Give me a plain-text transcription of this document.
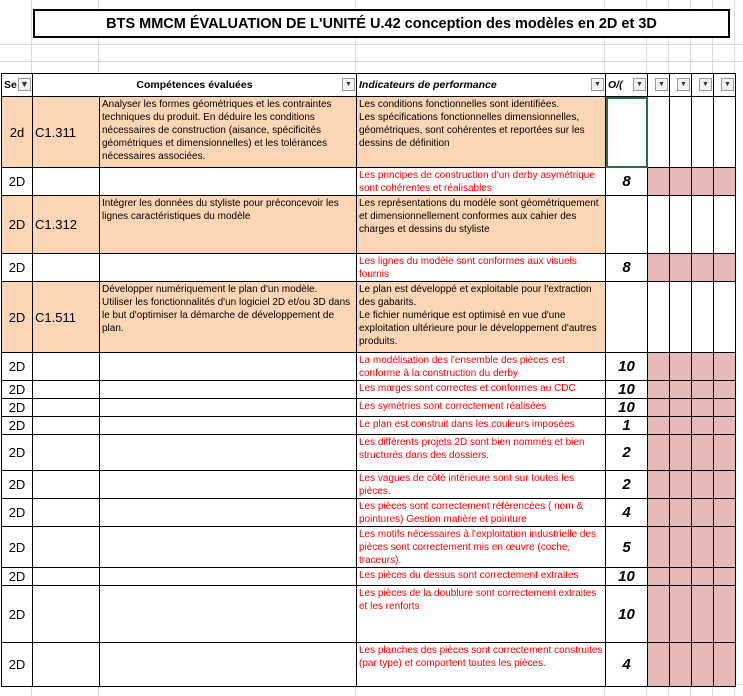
BTS MMCM ÉVALUATION DE L'UNITÉ U.42 conception des modèles en 2D et 3D
Se ▼	Compétences évaluées ▼		Indicateurs de performance ▼	O/( ▼	▼	▼	▼	▼

2d	C1.311	Analyser les formes géométriques et les contraintes techniques du produit. En déduire les conditions nécessaires de construction (aisance, spécificités géométriques et dimensionnelles) et les tolérances nécessaires associées.	Les conditions fonctionnelles sont identifiées.
Les spécifications fonctionnelles dimensionnelles, géométriques, sont cohérentes et reportées sur les dessins de définition					
2D			Les principes de construction d'un derby asymétrique sont cohérentes et réalisables	8				
2D	C1.312	Intégrer les données du styliste pour préconcevoir les lignes caractéristiques du modèle	Les représentations du modèle sont géométriquement et dimensionnellement conformes aux cahier des charges et dessins du styliste					
2D			Les lignes du modèle sont conformes aux visuels fournis	8				
2D	C1.511	Développer numériquement le plan d'un modèle.
Utiliser les fonctionnalités d'un logiciel 2D et/ou 3D dans le but d'optimiser la démarche de développement de plan.	Le plan est développé et exploitable pour l'extraction des gabarits.
Le fichier numérique est optimisé en vue d'une exploitation ultérieure pour le développement d'autres produits.					
2D			La modélisation des l'ensemble des pièces est conforme à la construction du derby	10				
2D			Les marges sont correctes et conformes au CDC	10				
2D			Les symétries sont correctement réalisées	10				
2D			Le plan est construit dans les couleurs imposées	1				
2D			Les différents projets 2D sont bien nommés et bien structurés dans des dossiers.	2				
2D			Les vagues de côté intérieure sont sur toutes les pièces.	2				
2D			Les pièces sont correctement référencées ( nom & pointures) Gestion matière et pointure	4				
2D			Les motifs nécessaires à l'exploitation industrielle des pièces sont correctement mis en œuvre (coche, traceurs).	5				
2D			Les pièces du dessus sont correctement extraites	10				
2D			Les pièces de la doublure sont correctement extraites et les renforts	10				
2D			Les planches des pièces sont correctement construites (par type) et comportent toutes les pièces.	4				
